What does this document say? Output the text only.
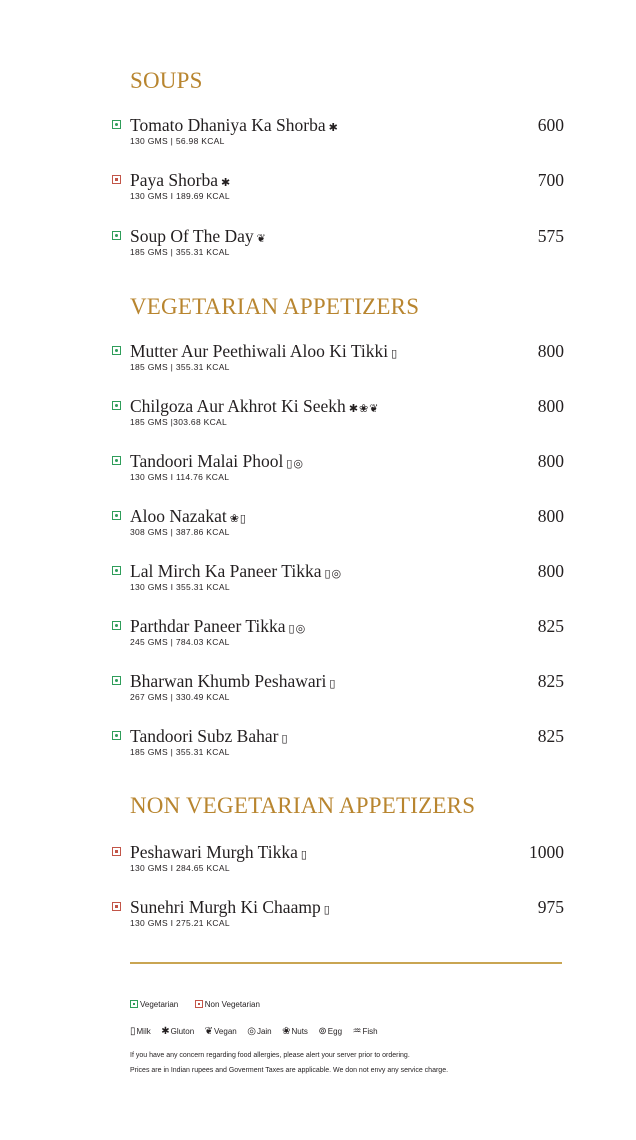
SOUPS
VEGETARIAN APPETIZERS
NON VEGETARIAN APPETIZERS
Tomato Dhaniya Ka Shorba ✱
130 GMS | 56.98 KCAL
600
Paya Shorba ✱
130 GMS I 189.69 KCAL
700
Soup Of The Day ❦
185 GMS | 355.31 KCAL
575
Mutter Aur Peethiwali Aloo Ki Tikki ▯
185 GMS | 355.31 KCAL
800
Chilgoza Aur Akhrot Ki Seekh ✱❀❦
185 GMS |303.68 KCAL
800
Tandoori Malai Phool ▯◎
130 GMS I 114.76 KCAL
800
Aloo Nazakat ❀▯
308 GMS | 387.86 KCAL
800
Lal Mirch Ka Paneer Tikka ▯◎
130 GMS I 355.31 KCAL
800
Parthdar Paneer Tikka ▯◎
245 GMS | 784.03 KCAL
825
Bharwan Khumb Peshawari ▯
267 GMS | 330.49 KCAL
825
Tandoori Subz Bahar ▯
185 GMS | 355.31 KCAL
825
Peshawari Murgh Tikka ▯
130 GMS I 284.65 KCAL
1000
Sunehri Murgh Ki Chaamp ▯
130 GMS I 275.21 KCAL
975
Vegetarian	Non Vegetarian
▯Milk ✱Gluton ❦Vegan ◎Jain ❀Nuts ⊚Egg ♒Fish
If you have any concern regarding food allergies, please alert your server prior to ordering.
Prices are in Indian rupees and Goverment Taxes are applicable. We don not envy any service charge.
